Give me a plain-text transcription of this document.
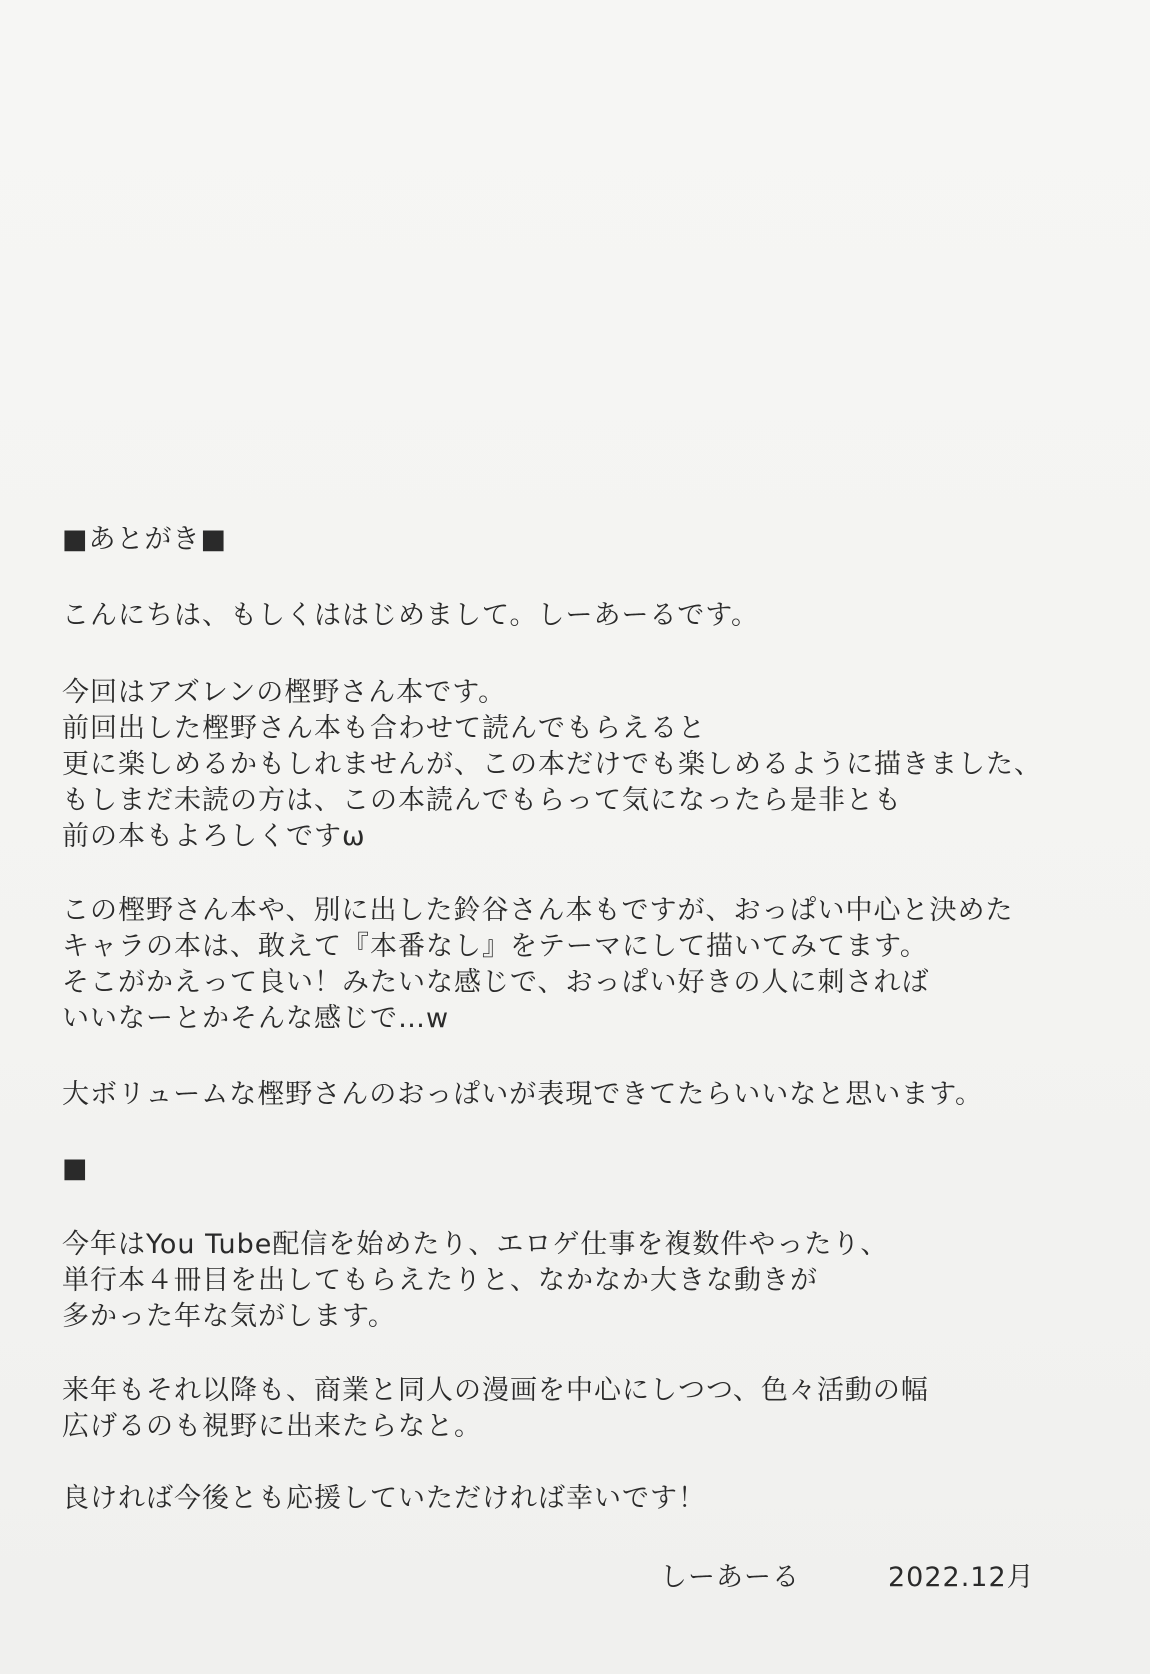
■あとがき■
こんにちは、もしくははじめまして。しーあーるです。
今回はアズレンの樫野さん本です。
前回出した樫野さん本も合わせて読んでもらえると
更に楽しめるかもしれませんが、この本だけでも楽しめるように描きました、
もしまだ未読の方は、この本読んでもらって気になったら是非とも
前の本もよろしくですω
この樫野さん本や、別に出した鈴谷さん本もですが、おっぱい中心と決めた
キャラの本は、敢えて『本番なし』をテーマにして描いてみてます。
そこがかえって良い！みたいな感じで、おっぱい好きの人に刺されば
いいなーとかそんな感じで…w
大ボリュームな樫野さんのおっぱいが表現できてたらいいなと思います。
■
今年はYou Tube配信を始めたり、エロゲ仕事を複数件やったり、
単行本４冊目を出してもらえたりと、なかなか大きな動きが
多かった年な気がします。
来年もそれ以降も、商業と同人の漫画を中心にしつつ、色々活動の幅
広げるのも視野に出来たらなと。
良ければ今後とも応援していただければ幸いです！
しーあーる	2022.12月
